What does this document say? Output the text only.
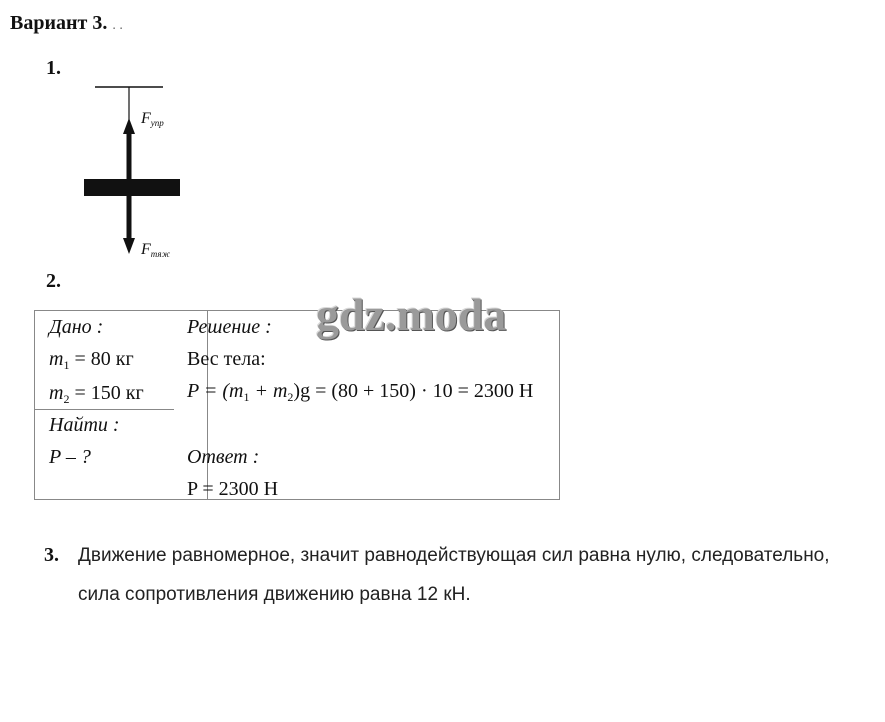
Вариант 3. . .
1.
$F_{упр}$
$F_{тяж}$
2.
Дано :
$m_1 = 80$ кг
$m_2 = 150$ кг
Найти :
P – ?
Решение :
Вес тела:
$P = (m_1 + m_2)g = (80 + 150) \cdot 10 = 2300$ Н
Ответ :
P = 2300 Н
gdz.moda
3. Движение равномерное, значит равнодействующая сил равна нулю, следовательно,
сила сопротивления движению равна 12 кН.
